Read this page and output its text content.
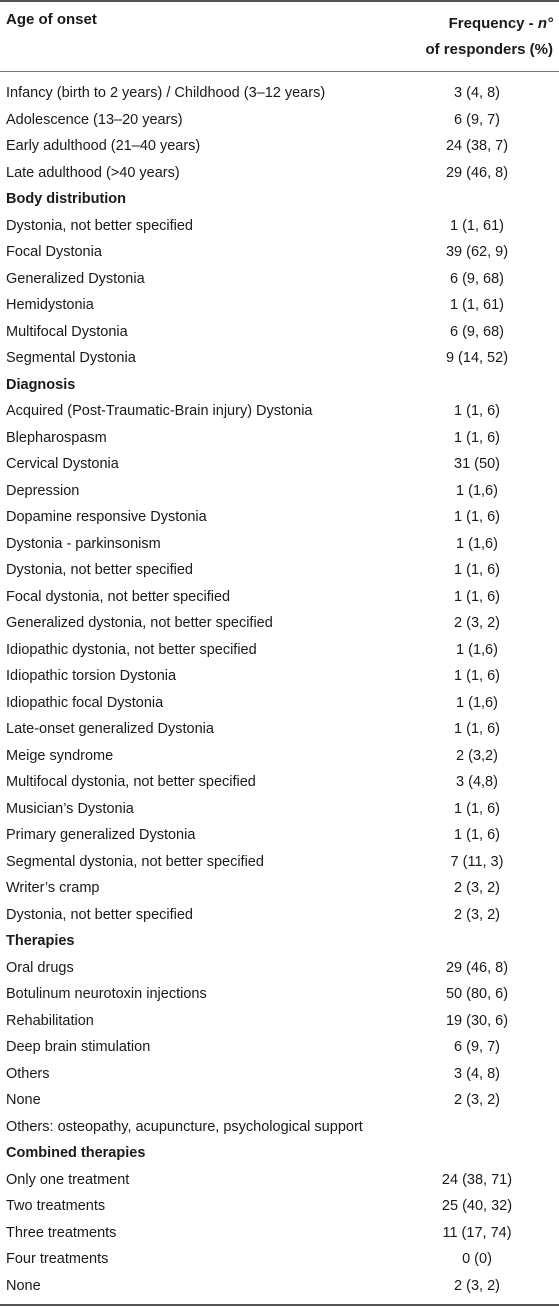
Age of onset	Frequency - n°
of responders (%)
Infancy (birth to 2 years) / Childhood (3–12 years)	3 (4, 8)
Adolescence (13–20 years)	6 (9, 7)
Early adulthood (21–40 years)	24 (38, 7)
Late adulthood (>40 years)	29 (46, 8)
Body distribution
Dystonia, not better specified	1 (1, 61)
Focal Dystonia	39 (62, 9)
Generalized Dystonia	6 (9, 68)
Hemidystonia	1 (1, 61)
Multifocal Dystonia	6 (9, 68)
Segmental Dystonia	9 (14, 52)
Diagnosis
Acquired (Post-Traumatic-Brain injury) Dystonia	1 (1, 6)
Blepharospasm	1 (1, 6)
Cervical Dystonia	31 (50)
Depression	1 (1,6)
Dopamine responsive Dystonia	1 (1, 6)
Dystonia - parkinsonism	1 (1,6)
Dystonia, not better specified	1 (1, 6)
Focal dystonia, not better specified	1 (1, 6)
Generalized dystonia, not better specified	2 (3, 2)
Idiopathic dystonia, not better specified	1 (1,6)
Idiopathic torsion Dystonia	1 (1, 6)
Idiopathic focal Dystonia	1 (1,6)
Late-onset generalized Dystonia	1 (1, 6)
Meige syndrome	2 (3,2)
Multifocal dystonia, not better specified	3 (4,8)
Musician’s Dystonia	1 (1, 6)
Primary generalized Dystonia	1 (1, 6)
Segmental dystonia, not better specified	7 (11, 3)
Writer’s cramp	2 (3, 2)
Dystonia, not better specified	2 (3, 2)
Therapies
Oral drugs	29 (46, 8)
Botulinum neurotoxin injections	50 (80, 6)
Rehabilitation	19 (30, 6)
Deep brain stimulation	6 (9, 7)
Others	3 (4, 8)
None	2 (3, 2)
Others: osteopathy, acupuncture, psychological support
Combined therapies
Only one treatment	24 (38, 71)
Two treatments	25 (40, 32)
Three treatments	11 (17, 74)
Four treatments	0 (0)
None	2 (3, 2)
